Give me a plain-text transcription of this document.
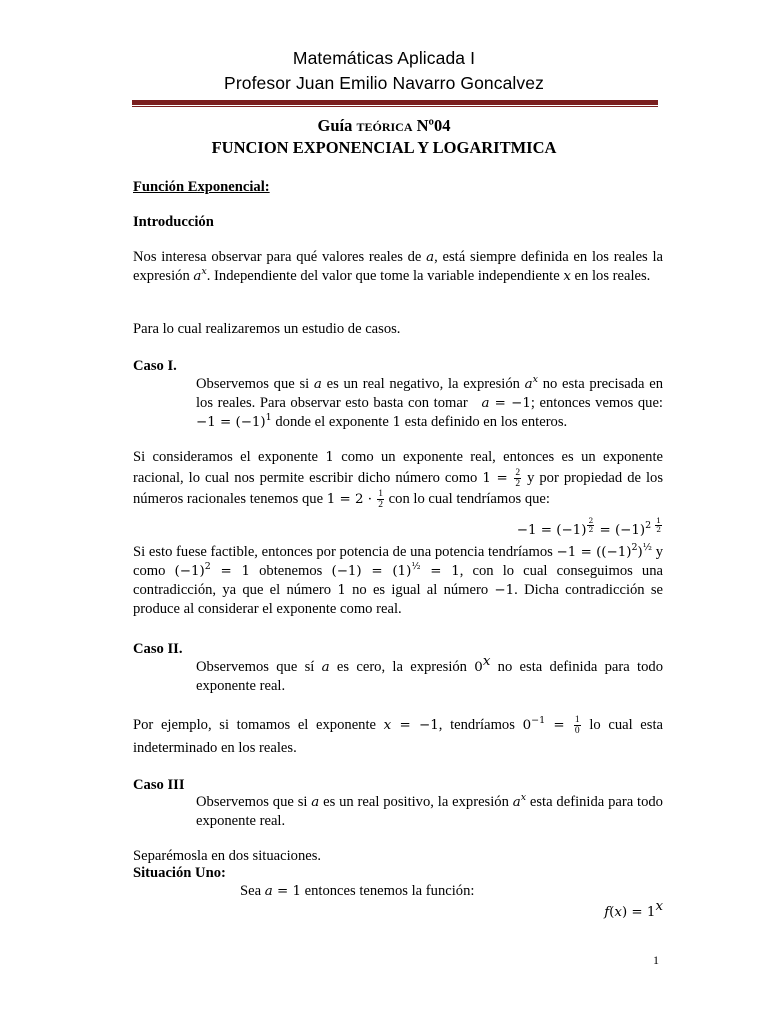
Matemáticas Aplicada I
Profesor Juan Emilio Navarro Goncalvez
Guía teórica Nº04
FUNCION EXPONENCIAL Y LOGARITMICA
Función Exponencial:
Introducción
Nos interesa observar para qué valores reales de a, está siempre definida en los reales la expresión $a^x$. Independiente del valor que tome la variable independiente x en los reales.
Para lo cual realizaremos un estudio de casos.
Caso I.
Observemos que si a es un real negativo, la expresión $a^x$ no esta precisada en los reales. Para observar esto basta con tomar   a = −1; entonces vemos que: $-1 = (-1)^1$ donde el exponente 1 esta definido en los enteros.
Si consideramos el exponente 1 como un exponente real, entonces es un exponente racional, lo cual nos permite escribir dicho número como $1 = \frac{2}{2}$ y por propiedad de los números racionales tenemos que $1 = 2 \cdot \frac{1}{2}$ con lo cual tendríamos que:
−1 = (−1) $^{\frac{2}{2}} = (-1)^{2 \frac{1}{2}}$
Si esto fuese factible, entonces por potencia de una potencia tendríamos $-1 = ((-1)^2)^{\frac{1}{2}}$ y como $(-1)^2 = 1$ obtenemos $(-1) = (1)^{\frac{1}{2}} = 1$, con lo cual conseguimos una contradicción, ya que el número 1 no es igual al número −1. Dicha contradicción se produce al considerar el exponente como real.
Caso II.
Observemos que sí a es cero, la expresión 0$^x$ no esta definida para todo exponente real.
Por ejemplo, si tomamos el exponente x = −1, tendríamos $0^{-1} = \frac{1}{0}$ lo cual esta indeterminado en los reales.
Caso III
Observemos que si a es un real positivo, la expresión $a^x$ esta definida para todo exponente real.
Separémosla en dos situaciones.
Situación Uno:
Sea a = 1 entonces tenemos la función:
$f(x) = 1^x$
1
